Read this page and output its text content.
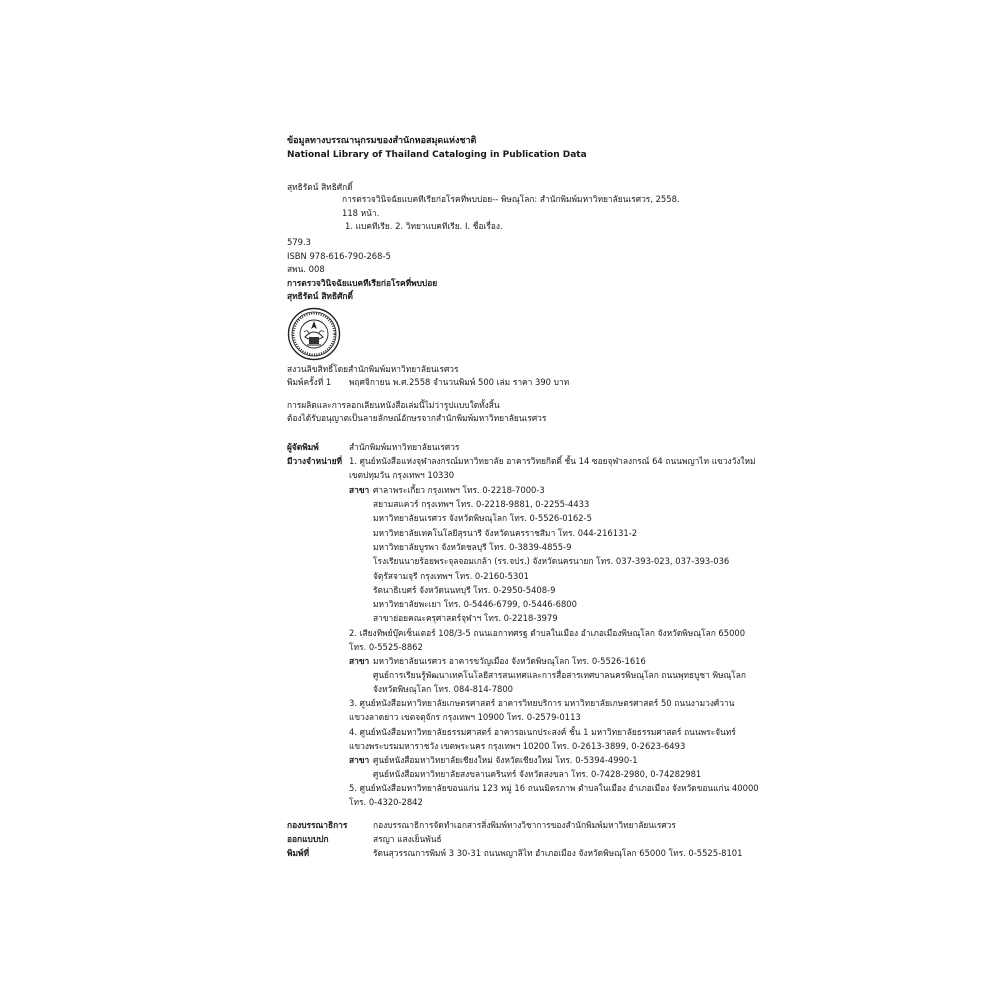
ข้อมูลทางบรรณานุกรมของสำนักหอสมุดแห่งชาติ
National Library of Thailand Cataloging in Publication Data
สุทธิรัตน์ สิทธิศักดิ์
การตรวจวินิจฉัยแบคทีเรียก่อโรคที่พบบ่อย-- พิษณุโลก: สำนักพิมพ์มหาวิทยาลัยนเรศวร, 2558.
118 หน้า.
1. แบคทีเรีย. 2. วิทยาแบคทีเรีย. I. ชื่อเรื่อง.
579.3
ISBN 978-616-790-268-5
สพน. 008
การตรวจวินิจฉัยแบคทีเรียก่อโรคที่พบบ่อย
สุทธิรัตน์ สิทธิศักดิ์
สงวนลิขสิทธิ์โดยสำนักพิมพ์มหาวิทยาลัยนเรศวร
พิมพ์ครั้งที่ 1 พฤศจิกายน พ.ศ.2558 จำนวนพิมพ์ 500 เล่ม ราคา 390 บาท
การผลิตและการลอกเลียนหนังสือเล่มนี้ไม่ว่ารูปแบบใดทั้งสิ้น
ต้องได้รับอนุญาตเป็นลายลักษณ์อักษรจากสำนักพิมพ์มหาวิทยาลัยนเรศวร
ผู้จัดพิมพ์	สำนักพิมพ์มหาวิทยาลัยนเรศวร
มีวางจำหน่ายที่ 1. ศูนย์หนังสือแห่งจุฬาลงกรณ์มหาวิทยาลัย อาคารวิทยกิตติ์ ชั้น 14 ซอยจุฬาลงกรณ์ 64 ถนนพญาไท แขวงวังใหม่
เขตปทุมวัน กรุงเทพฯ 10330
สาขา ศาลาพระเกี้ยว กรุงเทพฯ โทร. 0-2218-7000-3
สยามสแควร์ กรุงเทพฯ โทร. 0-2218-9881, 0-2255-4433
มหาวิทยาลัยนเรศวร จังหวัดพิษณุโลก โทร. 0-5526-0162-5
มหาวิทยาลัยเทคโนโลยีสุรนารี จังหวัดนครราชสีมา โทร. 044-216131-2
มหาวิทยาลัยบูรพา จังหวัดชลบุรี โทร. 0-3839-4855-9
โรงเรียนนายร้อยพระจุลจอมเกล้า (รร.จปร.) จังหวัดนครนายก โทร. 037-393-023, 037-393-036
จัตุรัสจามจุรี กรุงเทพฯ โทร. 0-2160-5301
รัตนาธิเบศร์ จังหวัดนนทบุรี โทร. 0-2950-5408-9
มหาวิทยาลัยพะเยา โทร. 0-5446-6799, 0-5446-6800
สาขาย่อยคณะครุศาสตร์จุฬาฯ โทร. 0-2218-3979
2. เสียงทิพย์บุ๊คเซ็นเตอร์ 108/3-5 ถนนเอกาทศรฐ ตำบลในเมือง อำเภอเมืองพิษณุโลก จังหวัดพิษณุโลก 65000
โทร. 0-5525-8862
สาขา มหาวิทยาลัยนเรศวร อาคารขวัญเมือง จังหวัดพิษณุโลก โทร. 0-5526-1616
ศูนย์การเรียนรู้พัฒนาเทคโนโลยีสารสนเทศและการสื่อสารเทศบาลนครพิษณุโลก ถนนพุทธบูชา พิษณุโลก
จังหวัดพิษณุโลก โทร. 084-814-7800
3. ศูนย์หนังสือมหาวิทยาลัยเกษตรศาสตร์ อาคารวิทยบริการ มหาวิทยาลัยเกษตรศาสตร์ 50 ถนนงามวงศ์วาน
แขวงลาดยาว เขตจตุจักร กรุงเทพฯ 10900 โทร. 0-2579-0113
4. ศูนย์หนังสือมหาวิทยาลัยธรรมศาสตร์ อาคารอเนกประสงค์ ชั้น 1 มหาวิทยาลัยธรรมศาสตร์ ถนนพระจันทร์
แขวงพระบรมมหาราชวัง เขตพระนคร กรุงเทพฯ 10200 โทร. 0-2613-3899, 0-2623-6493
สาขา ศูนย์หนังสือมหาวิทยาลัยเชียงใหม่ จังหวัดเชียงใหม่ โทร. 0-5394-4990-1
ศูนย์หนังสือมหาวิทยาลัยสงขลานครินทร์ จังหวัดสงขลา โทร. 0-7428-2980, 0-74282981
5. ศูนย์หนังสือมหาวิทยาลัยขอนแก่น 123 หมู่ 16 ถนนมิตรภาพ ตำบลในเมือง อำเภอเมือง จังหวัดขอนแก่น 40000
โทร. 0-4320-2842
กองบรรณาธิการ	กองบรรณาธิการจัดทำเอกสารสิ่งพิมพ์ทางวิชาการของสำนักพิมพ์มหาวิทยาลัยนเรศวร
ออกแบบปก	สรญา แสงเย็นพันธ์
พิมพ์ที่	รัตนสุวรรณการพิมพ์ 3 30-31 ถนนพญาลิไท อำเภอเมือง จังหวัดพิษณุโลก 65000 โทร. 0-5525-8101
